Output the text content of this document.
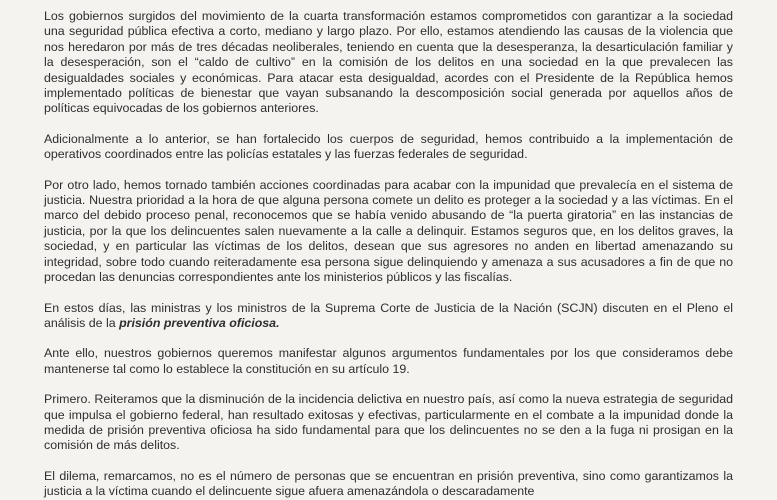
Los gobiernos surgidos del movimiento de la cuarta transformación estamos comprometidos con garantizar a la sociedad una seguridad pública efectiva a corto, mediano y largo plazo. Por ello, estamos atendiendo las causas de la violencia que nos heredaron por más de tres décadas neoliberales, teniendo en cuenta que la desesperanza, la desarticulación familiar y la desesperación, son el “caldo de cultivo” en la comisión de los delitos en una sociedad en la que prevalecen las desigualdades sociales y económicas. Para atacar esta desigualdad, acordes con el Presidente de la República hemos implementado políticas de bienestar que vayan subsanando la descomposición social generada por aquellos años de políticas equivocadas de los gobiernos anteriores.

Adicionalmente a lo anterior, se han fortalecido los cuerpos de seguridad, hemos contribuido a la implementación de operativos coordinados entre las policías estatales y las fuerzas federales de seguridad.

Por otro lado, hemos tornado también acciones coordinadas para acabar con la impunidad que prevalecía en el sistema de justicia. Nuestra prioridad a la hora de que alguna persona comete un delito es proteger a la sociedad y a las víctimas. En el marco del debido proceso penal, reconocemos que se había venido abusando de “la puerta giratoria” en las instancias de justicia, por la que los delincuentes salen nuevamente a la calle a delinquir. Estamos seguros que, en los delitos graves, la sociedad, y en particular las víctimas de los delitos, desean que sus agresores no anden en libertad amenazando su integridad, sobre todo cuando reiteradamente esa persona sigue delinquiendo y amenaza a sus acusadores a fin de que no procedan las denuncias correspondientes ante los ministerios públicos y las fiscalías.

En estos días, las ministras y los ministros de la Suprema Corte de Justicia de la Nación (SCJN) discuten en el Pleno el análisis de la prisión preventiva oficiosa.

Ante ello, nuestros gobiernos queremos manifestar algunos argumentos fundamentales por los que consideramos debe mantenerse tal como lo establece la constitución en su artículo 19.

Primero. Reiteramos que la disminución de la incidencia delictiva en nuestro país, así como la nueva estrategia de seguridad que impulsa el gobierno federal, han resultado exitosas y efectivas, particularmente en el combate a la impunidad donde la medida de prisión preventiva oficiosa ha sido fundamental para que los delincuentes no se den a la fuga ni prosigan en la comisión de más delitos.

El dilema, remarcamos, no es el número de personas que se encuentran en prisión preventiva, sino como garantizamos la justicia a la víctima cuando el delincuente sigue afuera amenazándola o descaradamente
